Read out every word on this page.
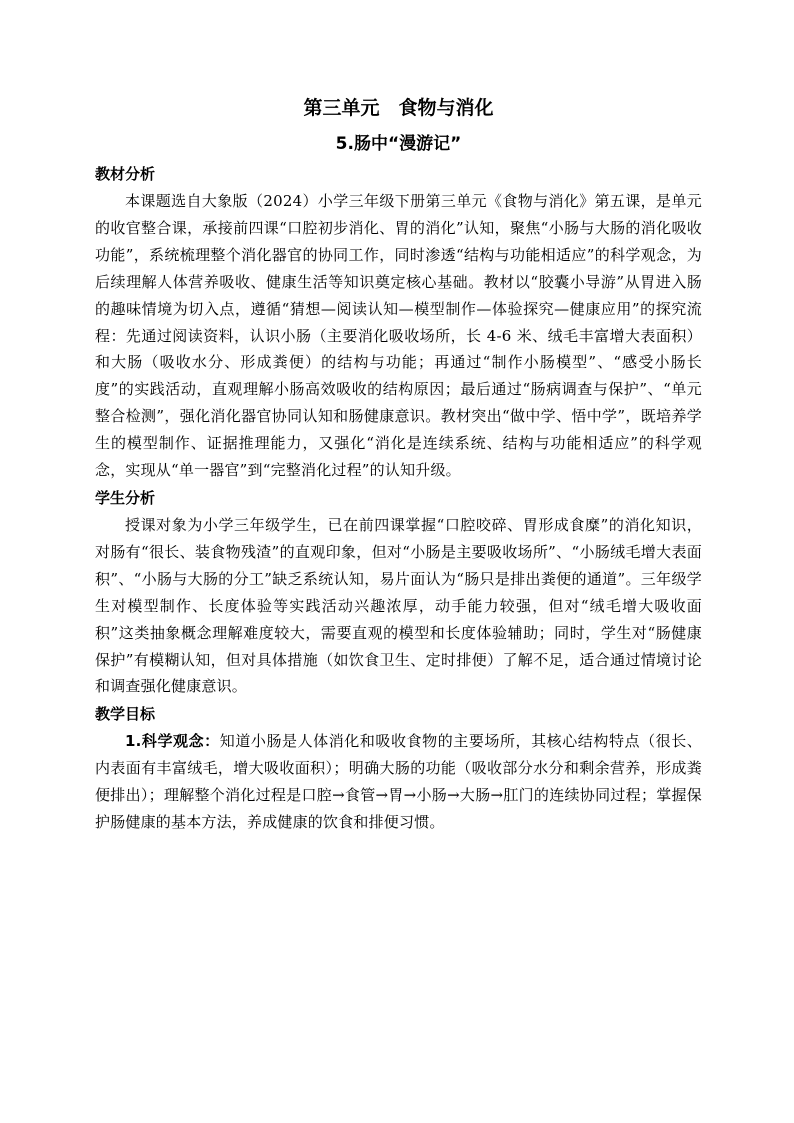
第三单元　食物与消化
5.肠中“漫游记”
教材分析

本课题选自大象版（2024）小学三年级下册第三单元《食物与消化》第五课，是单元的收官整合课，承接前四课“口腔初步消化、胃的消化”认知，聚焦“小肠与大肠的消化吸收功能”，系统梳理整个消化器官的协同工作，同时渗透“结构与功能相适应”的科学观念，为后续理解人体营养吸收、健康生活等知识奠定核心基础。教材以“胶囊小导游”从胃进入肠的趣味情境为切入点，遵循“猜想—阅读认知—模型制作—体验探究—健康应用”的探究流程：先通过阅读资料，认识小肠（主要消化吸收场所，长 4-6 米、绒毛丰富增大表面积）和大肠（吸收水分、形成粪便）的结构与功能；再通过“制作小肠模型”、“感受小肠长度”的实践活动，直观理解小肠高效吸收的结构原因；最后通过“肠病调查与保护”、“单元整合检测”，强化消化器官协同认知和肠健康意识。教材突出“做中学、悟中学”，既培养学生的模型制作、证据推理能力，又强化“消化是连续系统、结构与功能相适应”的科学观念，实现从“单一器官”到“完整消化过程”的认知升级。

学生分析

授课对象为小学三年级学生，已在前四课掌握“口腔咬碎、胃形成食糜”的消化知识，对肠有“很长、装食物残渣”的直观印象，但对“小肠是主要吸收场所”、“小肠绒毛增大表面积”、“小肠与大肠的分工”缺乏系统认知，易片面认为“肠只是排出粪便的通道”。三年级学生对模型制作、长度体验等实践活动兴趣浓厚，动手能力较强，但对“绒毛增大吸收面积”这类抽象概念理解难度较大，需要直观的模型和长度体验辅助；同时，学生对“肠健康保护”有模糊认知，但对具体措施（如饮食卫生、定时排便）了解不足，适合通过情境讨论和调查强化健康意识。

教学目标

1.科学观念：知道小肠是人体消化和吸收食物的主要场所，其核心结构特点（很长、内表面有丰富绒毛，增大吸收面积）；明确大肠的功能（吸收部分水分和剩余营养，形成粪便排出）；理解整个消化过程是口腔→食管→胃→小肠→大肠→肛门的连续协同过程；掌握保护肠健康的基本方法，养成健康的饮食和排便习惯。
